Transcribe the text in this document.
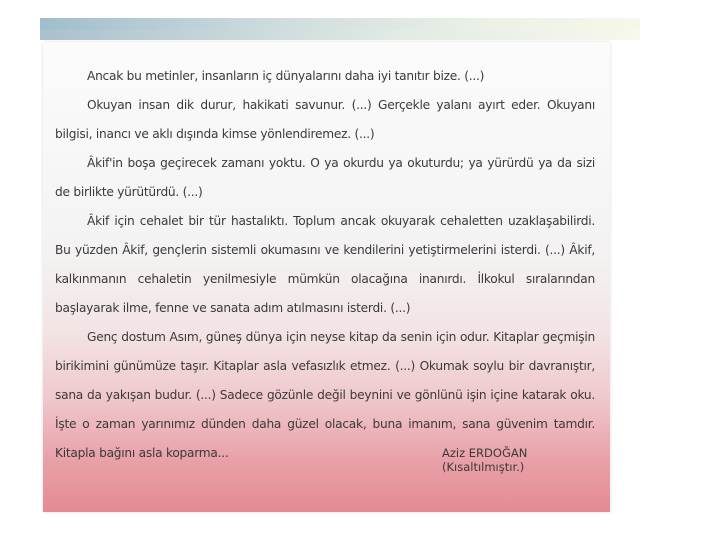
Ancak bu metinler, insanların iç dünyalarını daha iyi tanıtır bize. (...)

Okuyan insan dik durur, hakikati savunur. (...) Gerçekle yalanı ayırt eder. Okuyanı bilgisi, inancı ve aklı dışında kimse yönlendiremez. (...)

Âkif'in boşa geçirecek zamanı yoktu. O ya okurdu ya okuturdu; ya yürürdü ya da sizi de birlikte yürütürdü. (...)

Âkif için cehalet bir tür hastalıktı. Toplum ancak okuyarak cehaletten uzaklaşabilirdi. Bu yüzden Âkif, gençlerin sistemli okumasını ve kendilerini yetiştirmelerini isterdi. (...) Âkif, kalkınmanın cehaletin yenilmesiyle mümkün olacağına inanırdı. İlkokul sıralarından başlayarak ilme, fenne ve sanata adım atılmasını isterdi. (...)

Genç dostum Asım, güneş dünya için neyse kitap da senin için odur. Kitaplar geçmişin birikimini günümüze taşır. Kitaplar asla vefasızlık etmez. (...) Okumak soylu bir davranıştır, sana da yakışan budur. (...) Sadece gözünle değil beynini ve gönlünü işin içine katarak oku. İşte o zaman yarınımız dünden daha güzel olacak, buna imanım, sana güvenim tamdır. Kitapla bağını asla koparma...	Aziz ERDOĞAN
(Kısaltılmıştır.)
